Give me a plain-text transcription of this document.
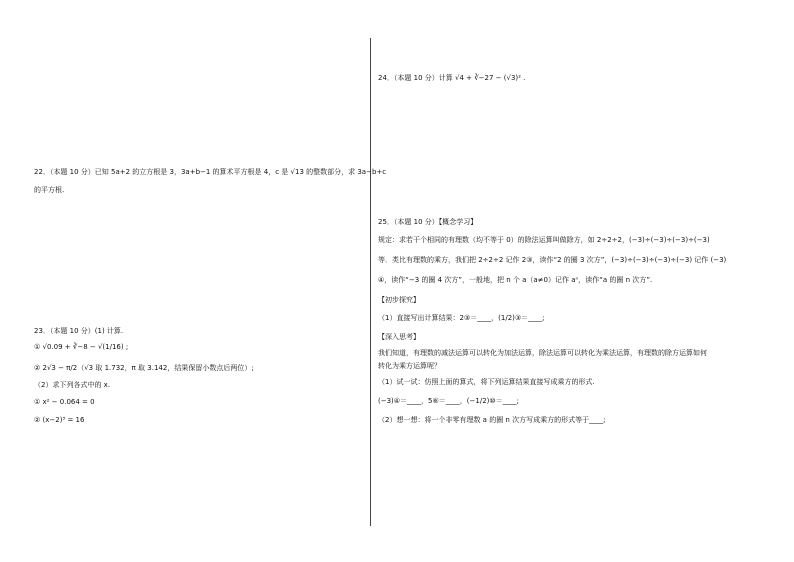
22．（本题 10 分）已知 5a+2 的立方根是 3，3a+b−1 的算术平方根是 4，c 是 √13 的整数部分，求 3a−b+c
的平方根.
23．（本题 10 分）(1) 计算.
① √0.09 + ∛−8 − √(1/16) ;
② 2√3 − π/2（√3 取 1.732，π 取 3.142，结果保留小数点后两位）;
（2）求下列各式中的 x.
① x² − 0.064 = 0
② (x−2)³ = 16
24．（本题 10 分）计算 √4 + ∛−27 − (√3)² .
25．（本题 10 分）【概念学习】
规定：求若干个相同的有理数（均不等于 0）的除法运算叫做除方，如 2÷2÷2，(−3)÷(−3)÷(−3)÷(−3)
等．类比有理数的乘方，我们把 2÷2÷2 记作 2③，读作“2 的圈 3 次方”，(−3)÷(−3)÷(−3)÷(−3) 记作 (−3)
④，读作“−3 的圈 4 次方”，一般地，把 n 个 a（a≠0）记作 aⁿ，读作“a 的圈 n 次方”.
【初步探究】
（1）直接写出计算结果：2③＝____，(1/2)③＝____;
【深入思考】
我们知道，有理数的减法运算可以转化为加法运算，除法运算可以转化为乘法运算，有理数的除方运算如何
转化为乘方运算呢？
（1）试一试：仿照上面的算式，将下列运算结果直接写成乘方的形式.
(−3)④＝____，5⑥＝____，(−1/2)⑩＝____;
（2）想一想：将一个非零有理数 a 的圈 n 次方写成乘方的形式等于____;
